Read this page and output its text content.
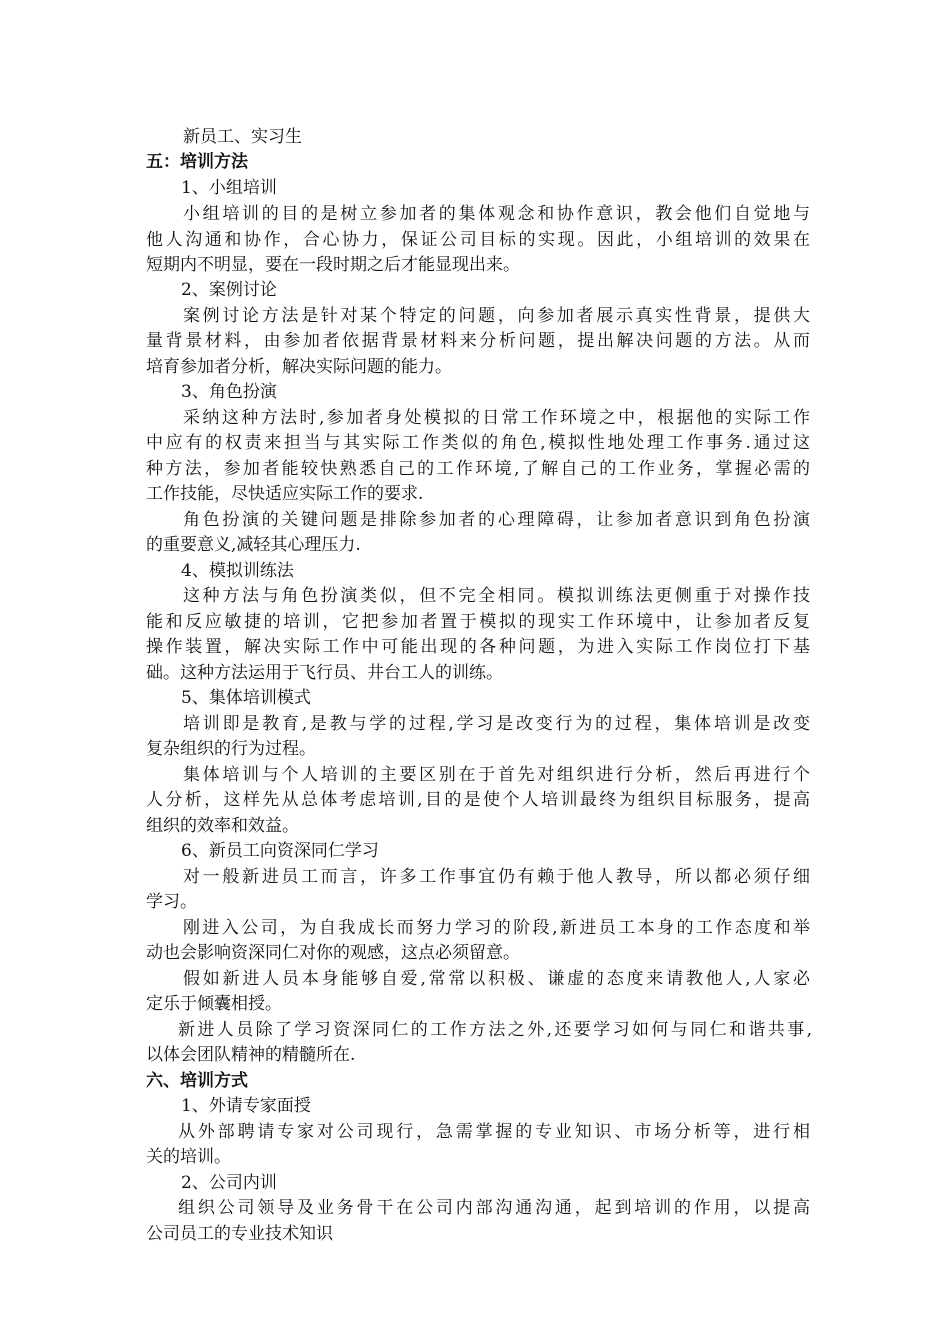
新员工、实习生
五：培训方法
1、小组培训
小组培训的目的是树立参加者的集体观念和协作意识，教会他们自觉地与
他人沟通和协作，合心协力，保证公司目标的实现。因此，小组培训的效果在
短期内不明显，要在一段时期之后才能显现出来。
2、案例讨论
案例讨论方法是针对某个特定的问题，向参加者展示真实性背景，提供大
量背景材料，由参加者依据背景材料来分析问题，提出解决问题的方法。从而
培育参加者分析，解决实际问题的能力。
3、角色扮演
采纳这种方法时,参加者身处模拟的日常工作环境之中，根据他的实际工作
中应有的权责来担当与其实际工作类似的角色,模拟性地处理工作事务.通过这
种方法，参加者能较快熟悉自己的工作环境,了解自己的工作业务，掌握必需的
工作技能，尽快适应实际工作的要求.
角色扮演的关键问题是排除参加者的心理障碍，让参加者意识到角色扮演
的重要意义,减轻其心理压力.
4、模拟训练法
这种方法与角色扮演类似，但不完全相同。模拟训练法更侧重于对操作技
能和反应敏捷的培训，它把参加者置于模拟的现实工作环境中，让参加者反复
操作装置，解决实际工作中可能出现的各种问题，为进入实际工作岗位打下基
础。这种方法运用于飞行员、井台工人的训练。
5、集体培训模式
培训即是教育,是教与学的过程,学习是改变行为的过程，集体培训是改变
复杂组织的行为过程。
集体培训与个人培训的主要区别在于首先对组织进行分析，然后再进行个
人分析，这样先从总体考虑培训,目的是使个人培训最终为组织目标服务，提高
组织的效率和效益。
6、新员工向资深同仁学习
对一般新进员工而言，许多工作事宜仍有赖于他人教导，所以都必须仔细
学习。
刚进入公司，为自我成长而努力学习的阶段,新进员工本身的工作态度和举
动也会影响资深同仁对你的观感，这点必须留意。
假如新进人员本身能够自爱,常常以积极、谦虚的态度来请教他人,人家必
定乐于倾囊相授。
新进人员除了学习资深同仁的工作方法之外,还要学习如何与同仁和谐共事,
以体会团队精神的精髓所在.
六、培训方式
1、外请专家面授
从外部聘请专家对公司现行，急需掌握的专业知识、市场分析等，进行相
关的培训。
2、公司内训
组织公司领导及业务骨干在公司内部沟通沟通，起到培训的作用，以提高
公司员工的专业技术知识
